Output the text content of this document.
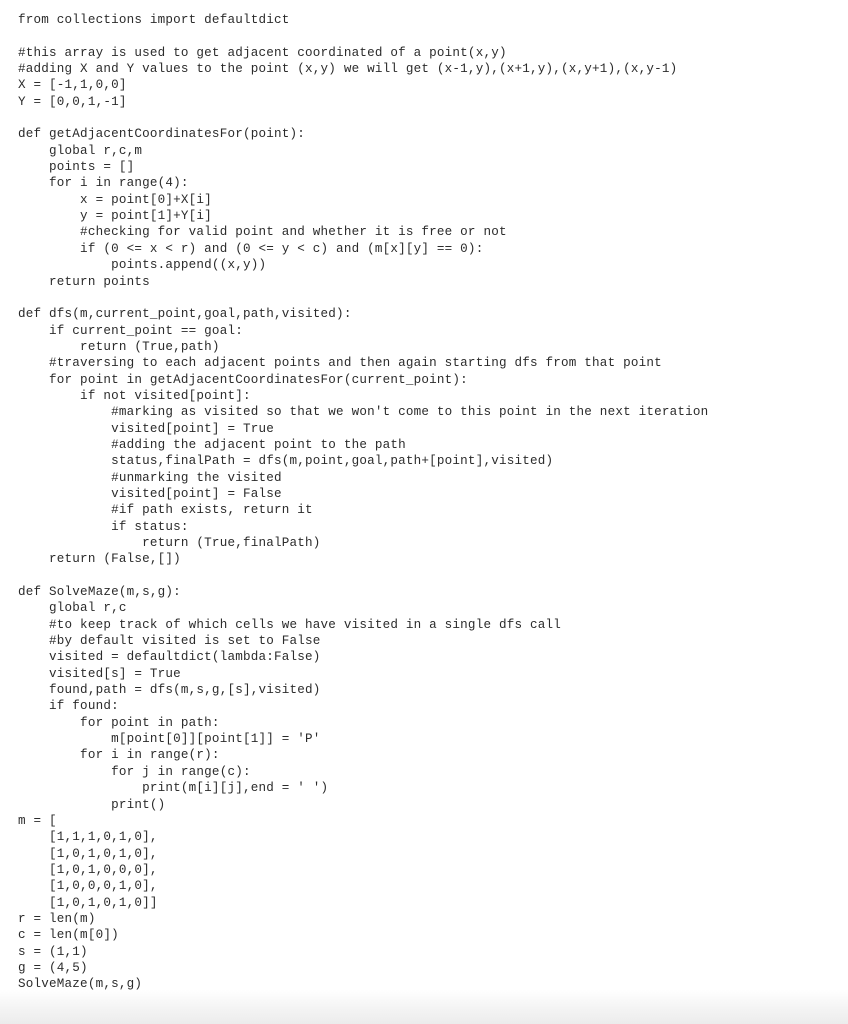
from collections import defaultdict
#this array is used to get adjacent coordinated of a point(x,y)
#adding X and Y values to the point (x,y) we will get (x-1,y),(x+1,y),(x,y+1),(x,y-1)
X = [-1,1,0,0]
Y = [0,0,1,-1]
def getAdjacentCoordinatesFor(point):
global r,c,m
points = []
for i in range(4):
x = point[0]+X[i]
y = point[1]+Y[i]
#checking for valid point and whether it is free or not
if (0 <= x < r) and (0 <= y < c) and (m[x][y] == 0):
points.append((x,y))
return points
def dfs(m,current_point,goal,path,visited):
if current_point == goal:
return (True,path)
#traversing to each adjacent points and then again starting dfs from that point
for point in getAdjacentCoordinatesFor(current_point):
if not visited[point]:
#marking as visited so that we won't come to this point in the next iteration
visited[point] = True
#adding the adjacent point to the path
status,finalPath = dfs(m,point,goal,path+[point],visited)
#unmarking the visited
visited[point] = False
#if path exists, return it
if status:
return (True,finalPath)
return (False,[])
def SolveMaze(m,s,g):
global r,c
#to keep track of which cells we have visited in a single dfs call
#by default visited is set to False
visited = defaultdict(lambda:False)
visited[s] = True
found,path = dfs(m,s,g,[s],visited)
if found:
for point in path:
m[point[0]][point[1]] = 'P'
for i in range(r):
for j in range(c):
print(m[i][j],end = ' ')
print()
m = [
[1,1,1,0,1,0],
[1,0,1,0,1,0],
[1,0,1,0,0,0],
[1,0,0,0,1,0],
[1,0,1,0,1,0]]
r = len(m)
c = len(m[0])
s = (1,1)
g = (4,5)
SolveMaze(m,s,g)
